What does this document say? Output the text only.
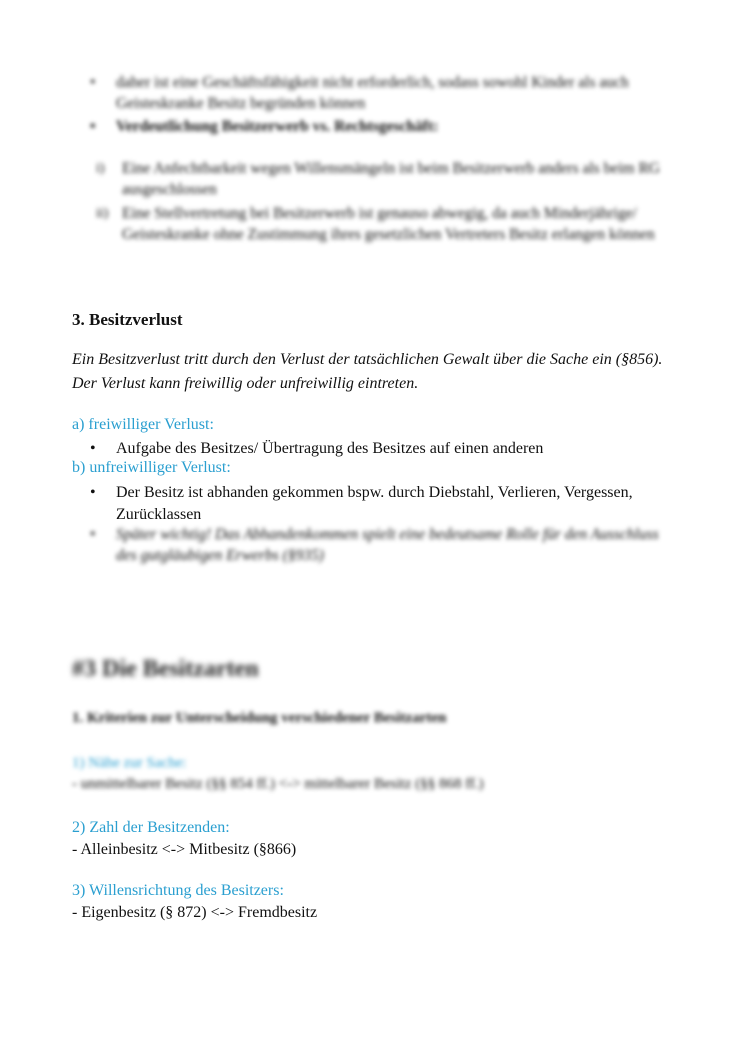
•	daher ist eine Geschäftsfähigkeit nicht erforderlich, sodass sowohl Kinder als auch Geisteskranke Besitz begründen können
•	Verdeutlichung Besitzerwerb vs. Rechtsgeschäft:
i)	Eine Anfechtbarkeit wegen Willensmängeln ist beim Besitzerwerb anders als beim RG ausgeschlossen
ii) Eine Stellvertretung bei Besitzerwerb ist genauso abwegig, da auch Minderjährige/ Geisteskranke ohne Zustimmung ihres gesetzlichen Vertreters Besitz erlangen können
3. Besitzverlust
Ein Besitzverlust tritt durch den Verlust der tatsächlichen Gewalt über die Sache ein (§856).
Der Verlust kann freiwillig oder unfreiwillig eintreten.
a) freiwilliger Verlust:
•	Aufgabe des Besitzes/ Übertragung des Besitzes auf einen anderen
b) unfreiwilliger Verlust:
•	Der Besitz ist abhanden gekommen bspw. durch Diebstahl, Verlieren, Vergessen,
Zurücklassen
•	Später wichtig! Das Abhandenkommen spielt eine bedeutsame Rolle für den Ausschluss des gutgläubigen Erwerbs (§935)
#3 Die Besitzarten
1. Kriterien zur Unterscheidung verschiedener Besitzarten
1) Nähe zur Sache:
- unmittelbarer Besitz (§§ 854 ff.) <-> mittelbarer Besitz (§§ 868 ff.)
2) Zahl der Besitzenden:
- Alleinbesitz <-> Mitbesitz (§866)
3) Willensrichtung des Besitzers:
- Eigenbesitz (§ 872) <-> Fremdbesitz
